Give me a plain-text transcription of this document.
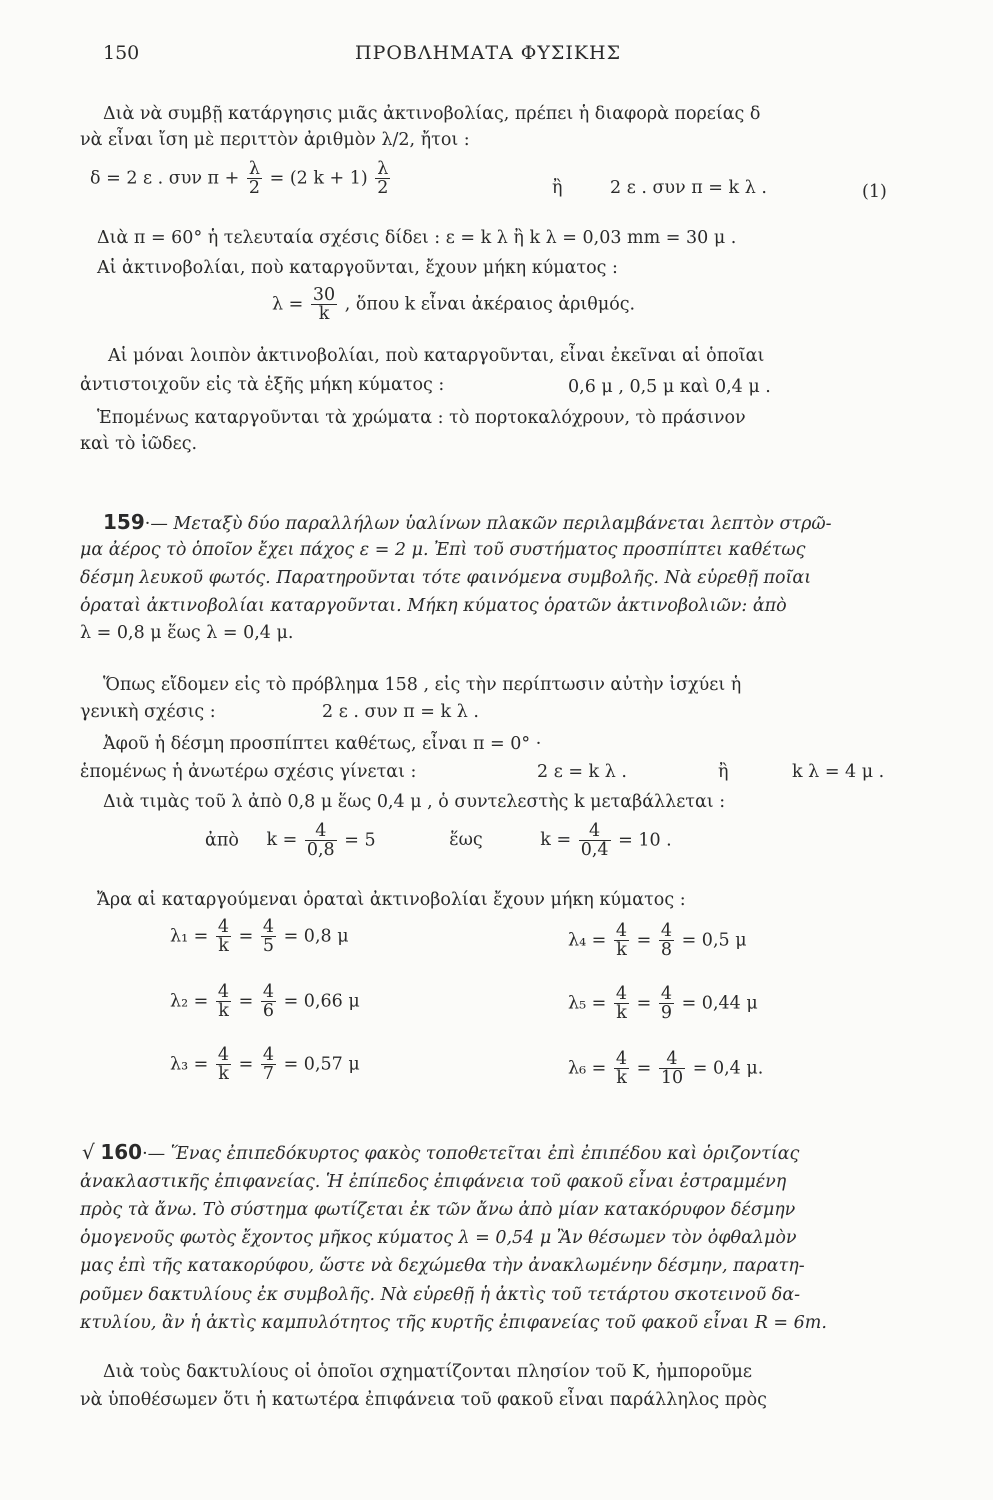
150	ΠΡΟΒΛΗΜΑΤΑ ΦΥΣΙΚΗΣ
Διὰ νὰ συμβῇ κατάργησις μιᾶς ἀκτινοβολίας, πρέπει ἡ διαφορὰ πορείας δ
νὰ εἶναι ἴση μὲ περιττὸν ἀριθμὸν λ/2, ἤτοι :
δ = 2 ε . συν $\pi + \frac{\lambda}{2} = (2$ $k + 1) \frac{\lambda}{2}$	ἢ	2 ε . συν π = k λ .	(1)
Διὰ π = 60° ἡ τελευταία σχέσις δίδει : ε = k λ ἢ k λ = 0,03 mm = 30 μ .
Αἱ ἀκτινοβολίαι, ποὺ καταργοῦνται, ἔχουν μήκη κύματος :
$\lambda = \frac{30}{k}$ , ὅπου k εἶναι ἀκέραιος ἀριθμός.
Αἱ μόναι λοιπὸν ἀκτινοβολίαι, ποὺ καταργοῦνται, εἶναι ἐκεῖναι αἱ ὁποῖαι
ἀντιστοιχοῦν εἰς τὰ ἑξῆς μήκη κύματος :	0,6 μ , 0,5 μ καὶ 0,4 μ .
Ἑπομένως καταργοῦνται τὰ χρώματα : τὸ πορτοκαλόχρουν, τὸ πράσινον
καὶ τὸ ἰῶδες.
159·— Μεταξὺ δύο παραλλήλων ὑαλίνων πλακῶν περιλαμβάνεται λεπτὸν στρῶ-
μα ἀέρος τὸ ὁποῖον ἔχει πάχος ε = 2 μ. Ἐπὶ τοῦ συστήματος προσπίπτει καθέτως
δέσμη λευκοῦ φωτός. Παρατηροῦνται τότε φαινόμενα συμβολῆς. Νὰ εὑρεθῇ ποῖαι
ὁραταὶ ἀκτινοβολίαι καταργοῦνται. Μήκη κύματος ὁρατῶν ἀκτινοβολιῶν: ἀπὸ
λ = 0,8 μ ἕως λ = 0,4 μ.
Ὅπως εἴδομεν εἰς τὸ πρόβλημα 158 , εἰς τὴν περίπτωσιν αὐτὴν ἰσχύει ἡ
γενικὴ σχέσις :	2 ε . συν π = k λ .
Ἀφοῦ ἡ δέσμη προσπίπτει καθέτως, εἶναι π = 0° ·
ἑπομένως ἡ ἀνωτέρω σχέσις γίνεται :	2 ε = k λ .	ἢ	k λ = 4 μ .
Διὰ τιμὰς τοῦ λ ἀπὸ 0,8 μ ἕως 0,4 μ , ὁ συντελεστὴς k μεταβάλλεται :
ἀπὸ $k = \frac{4}{0,8} = 5$	ἕως	$k = \frac{4}{0,4} = 10$ .
Ἄρα αἱ καταργούμεναι ὁραταὶ ἀκτινοβολίαι ἔχουν μήκη κύματος :
$\lambda_1 = \frac{4}{k} = \frac{4}{5} = 0,8$ μ
$\lambda_2 = \frac{4}{k} = \frac{4}{6} = 0,66$ μ
$\lambda_3 = \frac{4}{k} = \frac{4}{7} = 0,57$ μ
$\lambda_4 = \frac{4}{k} = \frac{4}{8} = 0,5$ μ
$\lambda_5 = \frac{4}{k} = \frac{4}{9} = 0,44$ μ
$\lambda_6 = \frac{4}{k} = \frac{4}{10} = 0,4$ μ.
√ 160·— Ἕνας ἐπιπεδόκυρτος φακὸς τοποθετεῖται ἐπὶ ἐπιπέδου καὶ ὁριζοντίας
ἀνακλαστικῆς ἐπιφανείας. Ἡ ἐπίπεδος ἐπιφάνεια τοῦ φακοῦ εἶναι ἐστραμμένη
πρὸς τὰ ἄνω. Τὸ σύστημα φωτίζεται ἐκ τῶν ἄνω ἀπὸ μίαν κατακόρυφον δέσμην
ὁμογενοῦς φωτὸς ἔχοντος μῆκος κύματος λ = 0,54 μ Ἂν θέσωμεν τὸν ὀφθαλμὸν
μας ἐπὶ τῆς κατακορύφου, ὥστε νὰ δεχώμεθα τὴν ἀνακλωμένην δέσμην, παρατη-
ροῦμεν δακτυλίους ἐκ συμβολῆς. Νὰ εὑρεθῇ ἡ ἀκτὶς τοῦ τετάρτου σκοτεινοῦ δα-
κτυλίου, ἂν ἡ ἀκτὶς καμπυλότητος τῆς κυρτῆς ἐπιφανείας τοῦ φακοῦ εἶναι R = 6m.
Διὰ τοὺς δακτυλίους οἱ ὁποῖοι σχηματίζονται πλησίον τοῦ Κ, ἠμποροῦμε
νὰ ὑποθέσωμεν ὅτι ἡ κατωτέρα ἐπιφάνεια τοῦ φακοῦ εἶναι παράλληλος πρὸς
